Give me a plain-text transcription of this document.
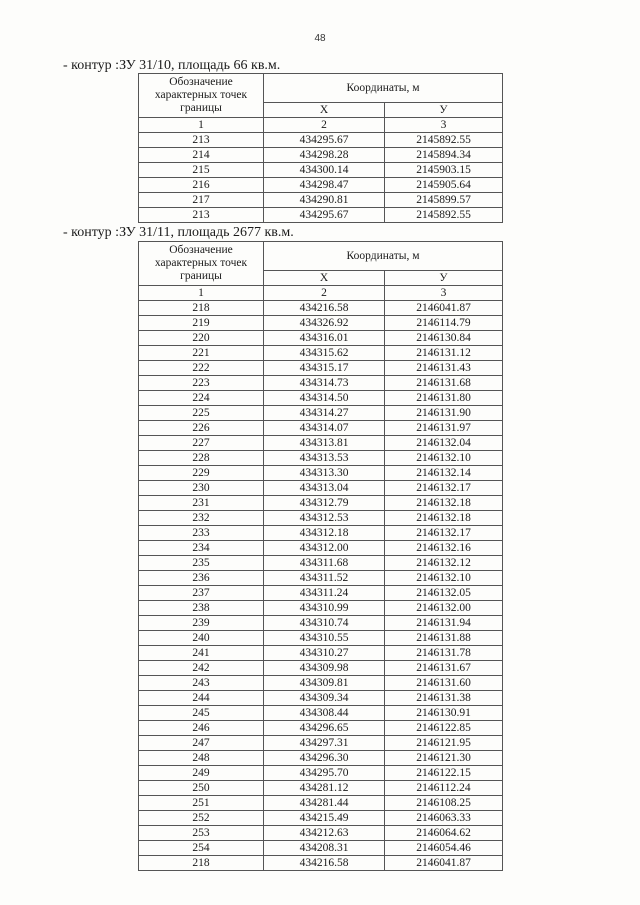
48
- контур :ЗУ 31/10, площадь 66 кв.м.
Обозначение характерных точек границы	Координаты, м	
	Х	У
1	2	3
213	434295.67	2145892.55
214	434298.28	2145894.34
215	434300.14	2145903.15
216	434298.47	2145905.64
217	434290.81	2145899.57
213	434295.67	2145892.55
- контур :ЗУ 31/11, площадь 2677 кв.м.
Обозначение характерных точек границы	Координаты, м	
	Х	У
1	2	3
218	434216.58	2146041.87
219	434326.92	2146114.79
220	434316.01	2146130.84
221	434315.62	2146131.12
222	434315.17	2146131.43
223	434314.73	2146131.68
224	434314.50	2146131.80
225	434314.27	2146131.90
226	434314.07	2146131.97
227	434313.81	2146132.04
228	434313.53	2146132.10
229	434313.30	2146132.14
230	434313.04	2146132.17
231	434312.79	2146132.18
232	434312.53	2146132.18
233	434312.18	2146132.17
234	434312.00	2146132.16
235	434311.68	2146132.12
236	434311.52	2146132.10
237	434311.24	2146132.05
238	434310.99	2146132.00
239	434310.74	2146131.94
240	434310.55	2146131.88
241	434310.27	2146131.78
242	434309.98	2146131.67
243	434309.81	2146131.60
244	434309.34	2146131.38
245	434308.44	2146130.91
246	434296.65	2146122.85
247	434297.31	2146121.95
248	434296.30	2146121.30
249	434295.70	2146122.15
250	434281.12	2146112.24
251	434281.44	2146108.25
252	434215.49	2146063.33
253	434212.63	2146064.62
254	434208.31	2146054.46
218	434216.58	2146041.87
